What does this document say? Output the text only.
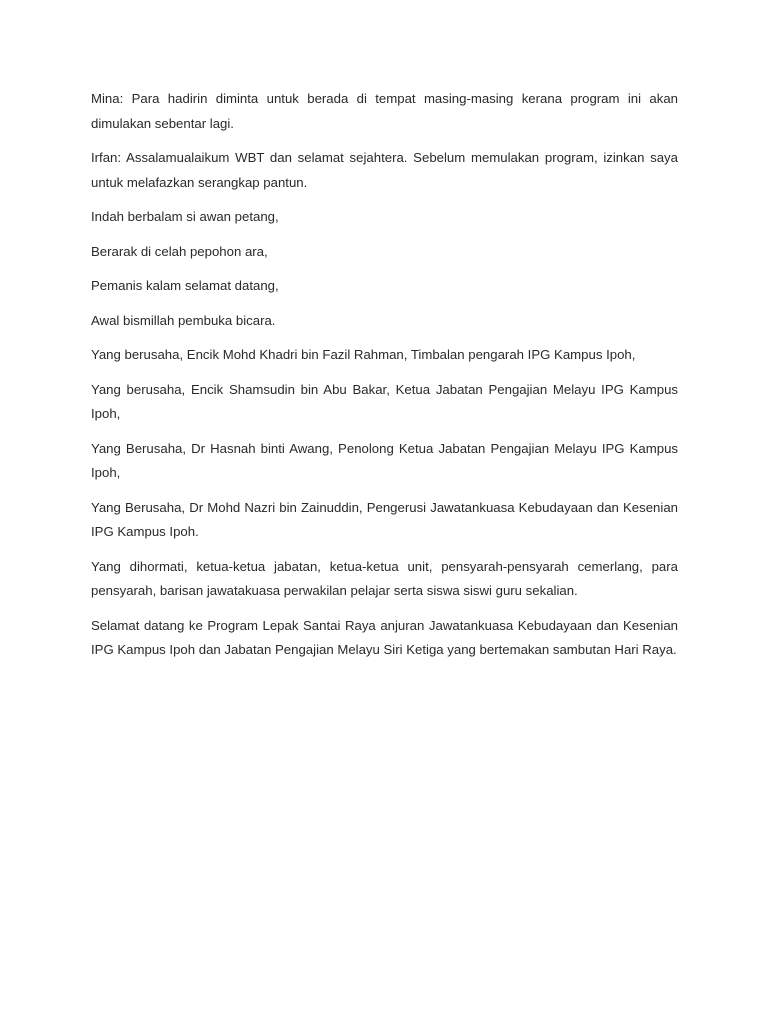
Mina: Para hadirin diminta untuk berada di tempat masing-masing kerana program ini akan dimulakan sebentar lagi.

Irfan: Assalamualaikum WBT dan selamat sejahtera. Sebelum memulakan program, izinkan saya untuk melafazkan serangkap pantun.

Indah berbalam si awan petang,

Berarak di celah pepohon ara,

Pemanis kalam selamat datang,

Awal bismillah pembuka bicara.

Yang berusaha, Encik Mohd Khadri bin Fazil Rahman, Timbalan pengarah IPG Kampus Ipoh,

Yang berusaha, Encik Shamsudin bin Abu Bakar, Ketua Jabatan Pengajian Melayu IPG Kampus Ipoh,

Yang Berusaha, Dr Hasnah binti Awang, Penolong Ketua Jabatan Pengajian Melayu IPG Kampus Ipoh,

Yang Berusaha, Dr Mohd Nazri bin Zainuddin, Pengerusi Jawatankuasa Kebudayaan dan Kesenian IPG Kampus Ipoh.

Yang dihormati, ketua-ketua jabatan, ketua-ketua unit, pensyarah-pensyarah cemerlang, para pensyarah, barisan jawatakuasa perwakilan pelajar serta siswa siswi guru sekalian.

Selamat datang ke Program Lepak Santai Raya anjuran Jawatankuasa Kebudayaan dan Kesenian IPG Kampus Ipoh dan Jabatan Pengajian Melayu Siri Ketiga yang bertemakan sambutan Hari Raya.
